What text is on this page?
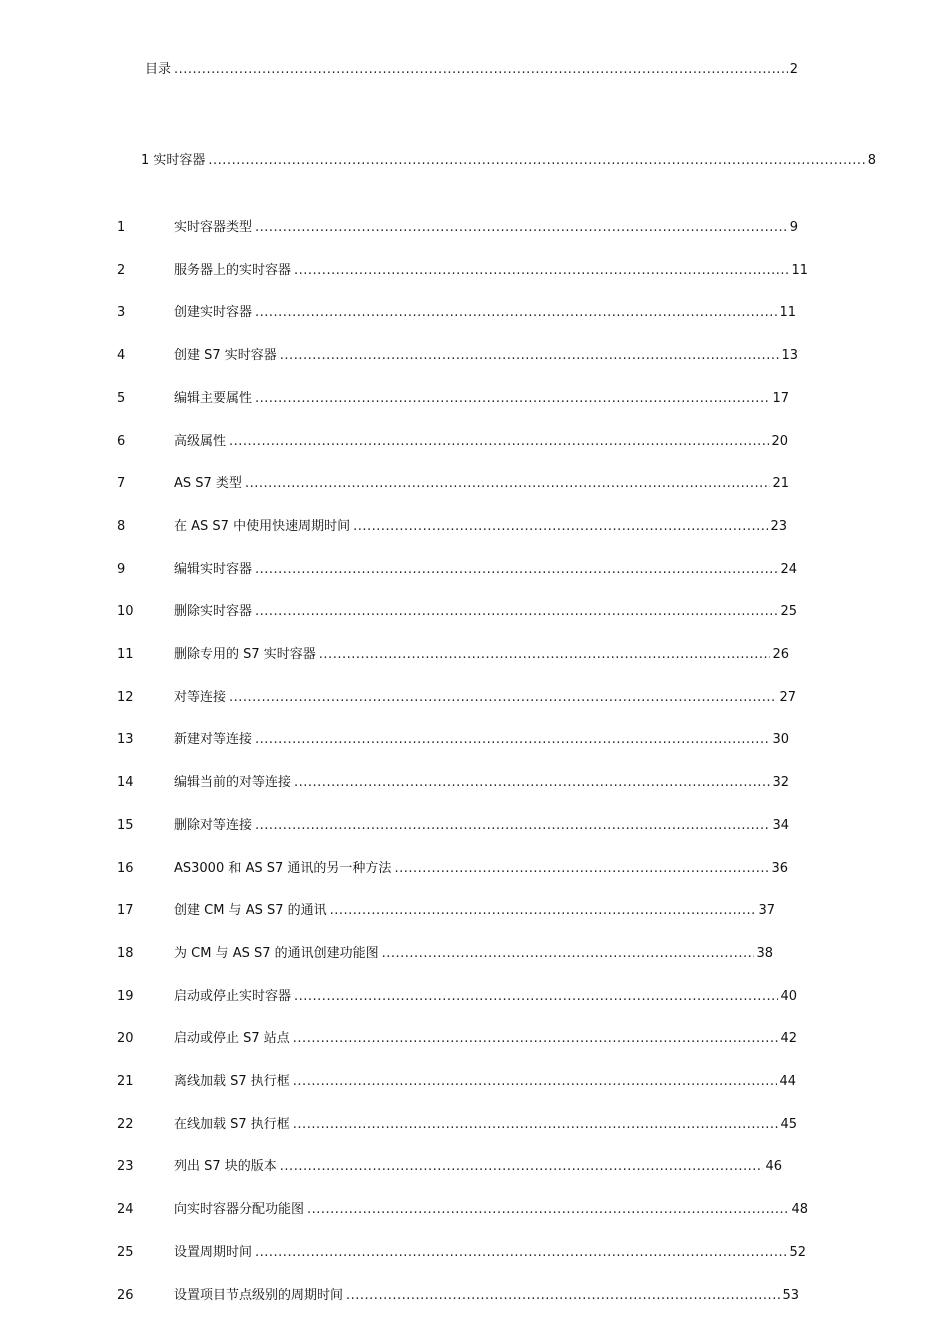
目录 .....	2
1 实时容器 .....	8
1	实时容器类型 .....	9
2	服务器上的实时容器 .....	11
3	创建实时容器 .....	11
4	创建 S7 实时容器 .....	13
5	编辑主要属性 .....	17
6	高级属性 .....	20
7	AS S7 类型 .....	21
8	在 AS S7 中使用快速周期时间 .....	23
9	编辑实时容器 .....	24
10	删除实时容器 .....	25
11	删除专用的 S7 实时容器 .....	26
12	对等连接 .....	27
13	新建对等连接 .....	30
14	编辑当前的对等连接 .....	32
15	删除对等连接 .....	34
16	AS3000 和 AS S7 通讯的另一种方法 .....	36
17	创建 CM 与 AS S7 的通讯 .....	37
18	为 CM 与 AS S7 的通讯创建功能图 .....	38
19	启动或停止实时容器 .....	40
20	启动或停止 S7 站点 .....	42
21	离线加载 S7 执行框 .....	44
22	在线加载 S7 执行框 .....	45
23	列出 S7 块的版本 .....	46
24	向实时容器分配功能图 .....	48
25	设置周期时间 .....	52
26	设置项目节点级别的周期时间 .....	53
